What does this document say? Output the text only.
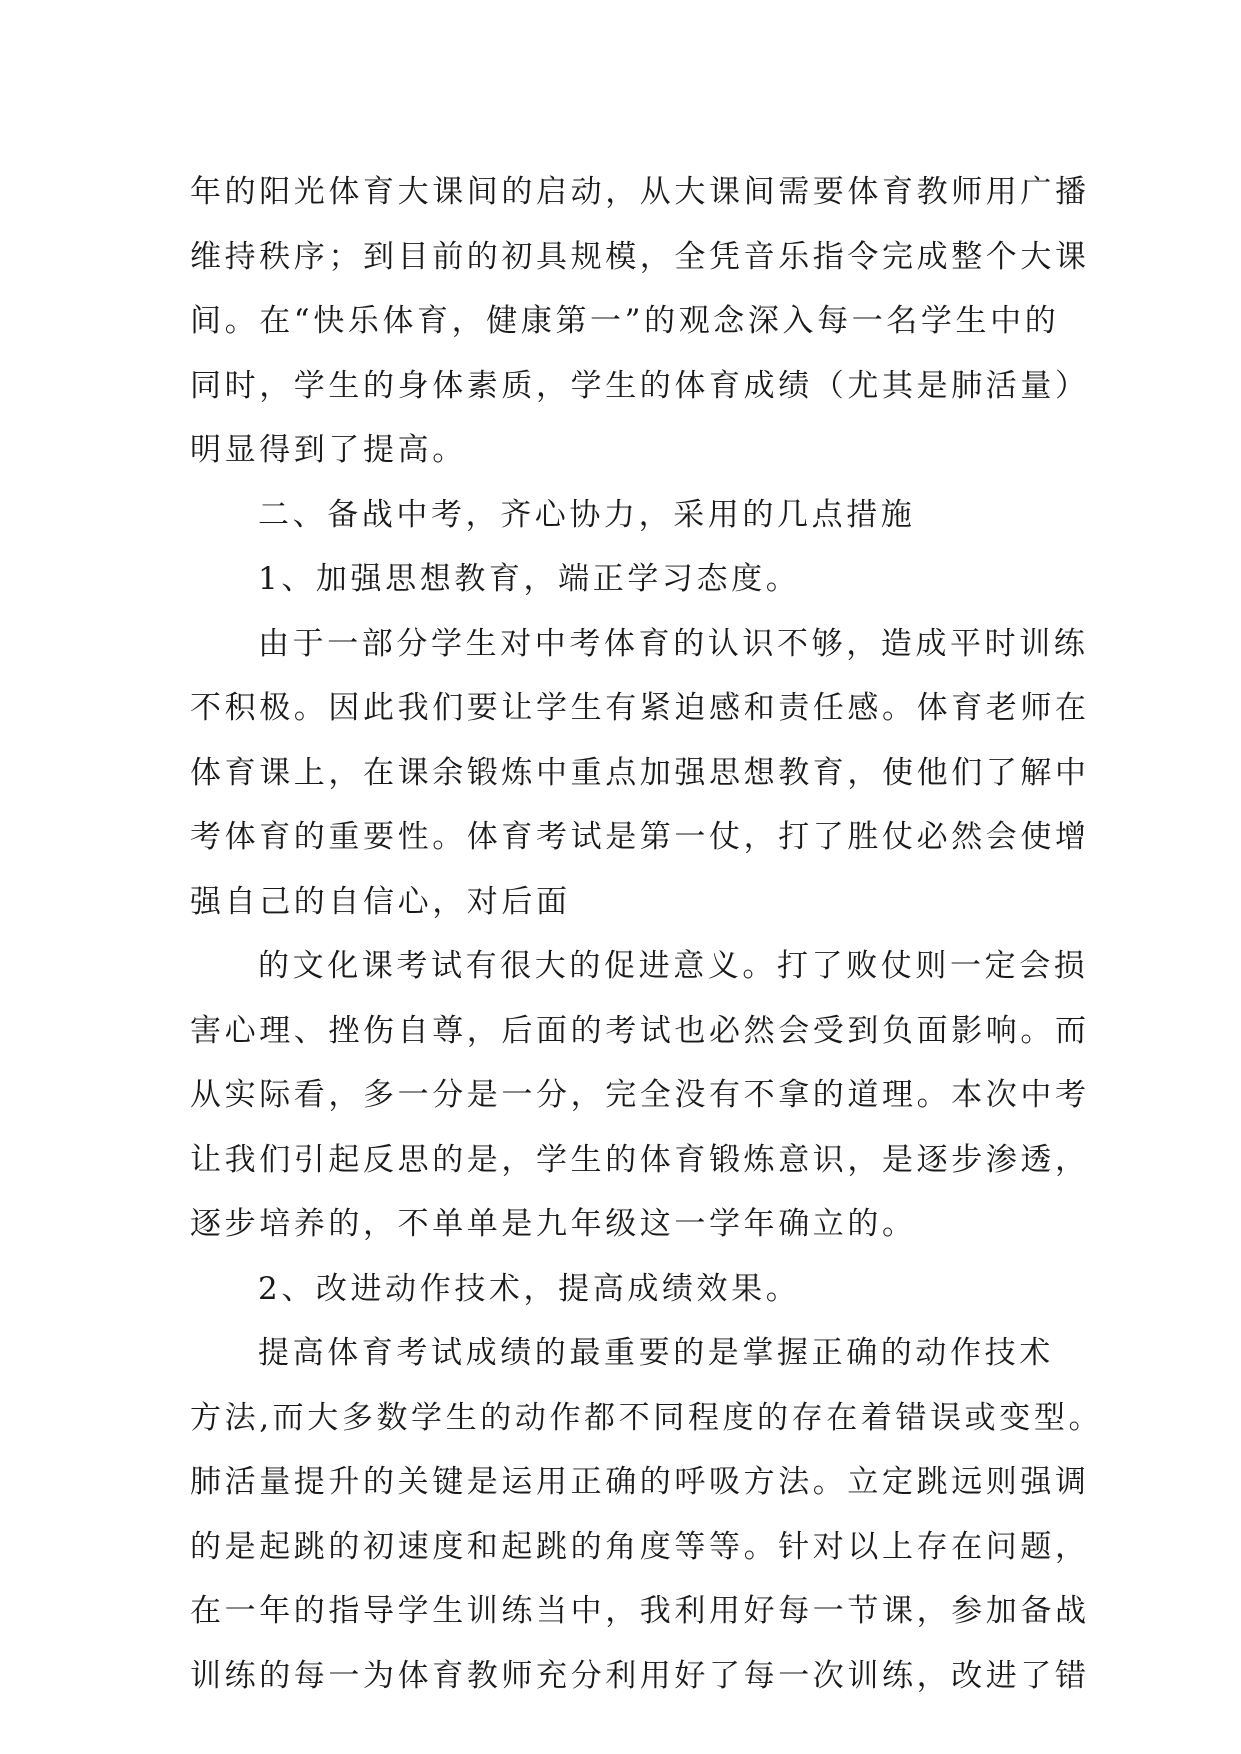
年的阳光体育大课间的启动，从大课间需要体育教师用广播
维持秩序；到目前的初具规模，全凭音乐指令完成整个大课
间。在“快乐体育，健康第一”的观念深入每一名学生中的
同时，学生的身体素质，学生的体育成绩（尤其是肺活量）
明显得到了提高。
二、备战中考，齐心协力，采用的几点措施
1、加强思想教育，端正学习态度。
由于一部分学生对中考体育的认识不够，造成平时训练
不积极。因此我们要让学生有紧迫感和责任感。体育老师在
体育课上，在课余锻炼中重点加强思想教育，使他们了解中
考体育的重要性。体育考试是第一仗，打了胜仗必然会使增
强自己的自信心，对后面
的文化课考试有很大的促进意义。打了败仗则一定会损
害心理、挫伤自尊，后面的考试也必然会受到负面影响。而
从实际看，多一分是一分，完全没有不拿的道理。本次中考
让我们引起反思的是，学生的体育锻炼意识，是逐步渗透，
逐步培养的，不单单是九年级这一学年确立的。
2、改进动作技术，提高成绩效果。
提高体育考试成绩的最重要的是掌握正确的动作技术
方法,而大多数学生的动作都不同程度的存在着错误或变型。
肺活量提升的关键是运用正确的呼吸方法。立定跳远则强调
的是起跳的初速度和起跳的角度等等。针对以上存在问题，
在一年的指导学生训练当中，我利用好每一节课，参加备战
训练的每一为体育教师充分利用好了每一次训练，改进了错
